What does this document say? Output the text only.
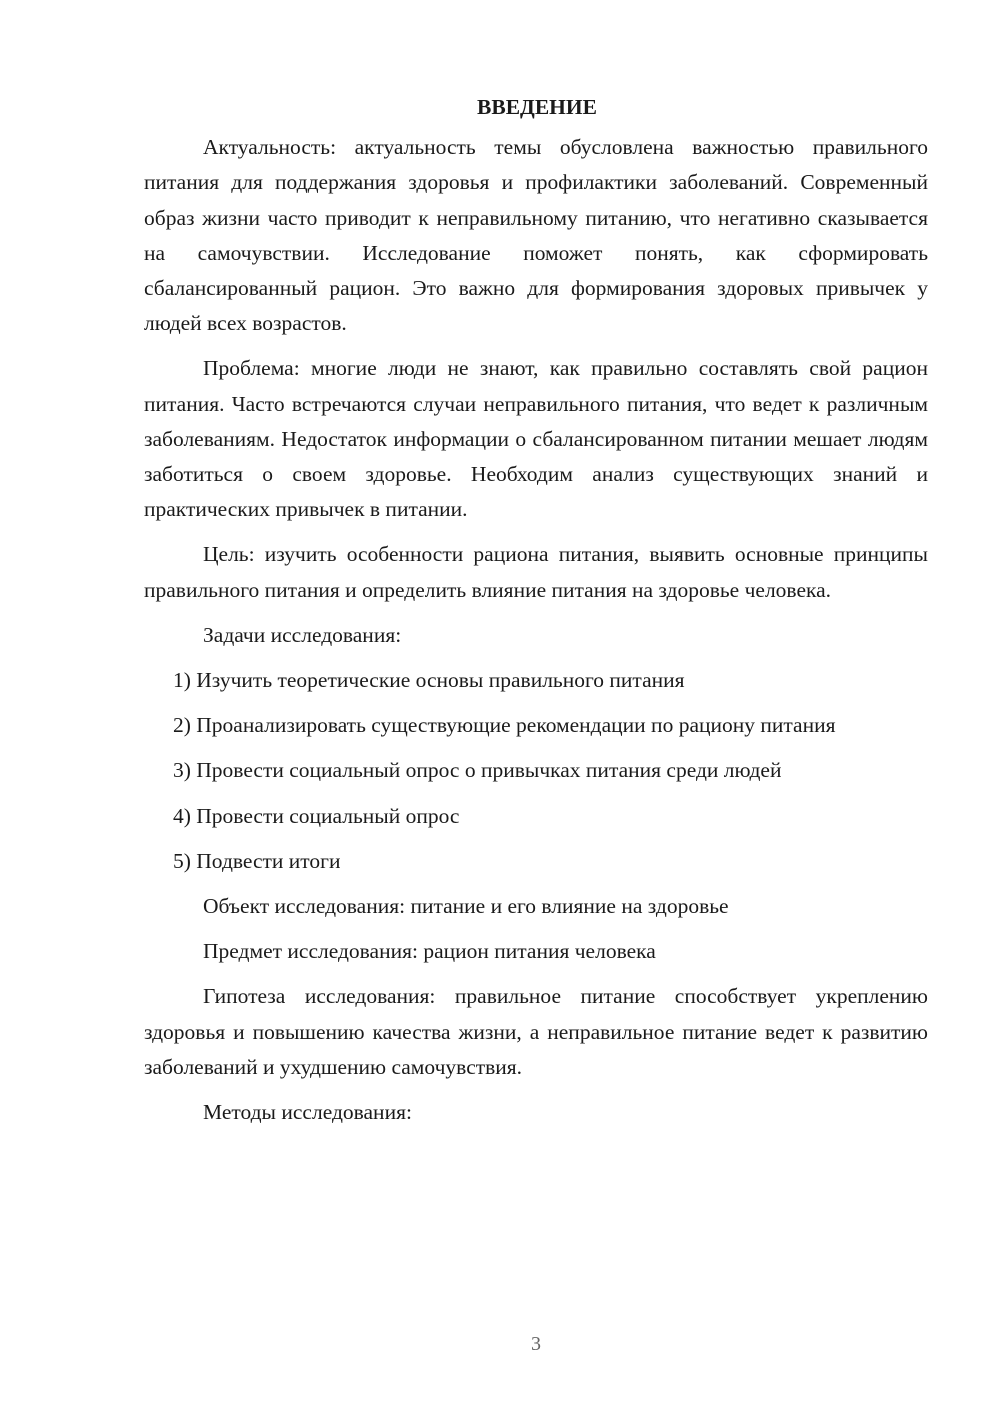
ВВЕДЕНИЕ

Актуальность: актуальность темы обусловлена важностью правильного питания для поддержания здоровья и профилактики заболеваний. Современный образ жизни часто приводит к неправильному питанию, что негативно сказывается на самочувствии. Исследование поможет понять, как сформировать сбалансированный рацион. Это важно для формирования здоровых привычек у людей всех возрастов.

Проблема: многие люди не знают, как правильно составлять свой рацион питания. Часто встречаются случаи неправильного питания, что ведет к различным заболеваниям. Недостаток информации о сбалансированном питании мешает людям заботиться о своем здоровье. Необходим анализ существующих знаний и практических привычек в питании.

Цель: изучить особенности рациона питания, выявить основные принципы правильного питания и определить влияние питания на здоровье человека.

Задачи исследования:

1) Изучить теоретические основы правильного питания

2) Проанализировать существующие рекомендации по рациону питания

3) Провести социальный опрос о привычках питания среди людей

4) Провести социальный опрос

5) Подвести итоги

Объект исследования: питание и его влияние на здоровье

Предмет исследования: рацион питания человека

Гипотеза исследования: правильное питание способствует укреплению здоровья и повышению качества жизни, а неправильное питание ведет к развитию заболеваний и ухудшению самочувствия.

Методы исследования:

3
